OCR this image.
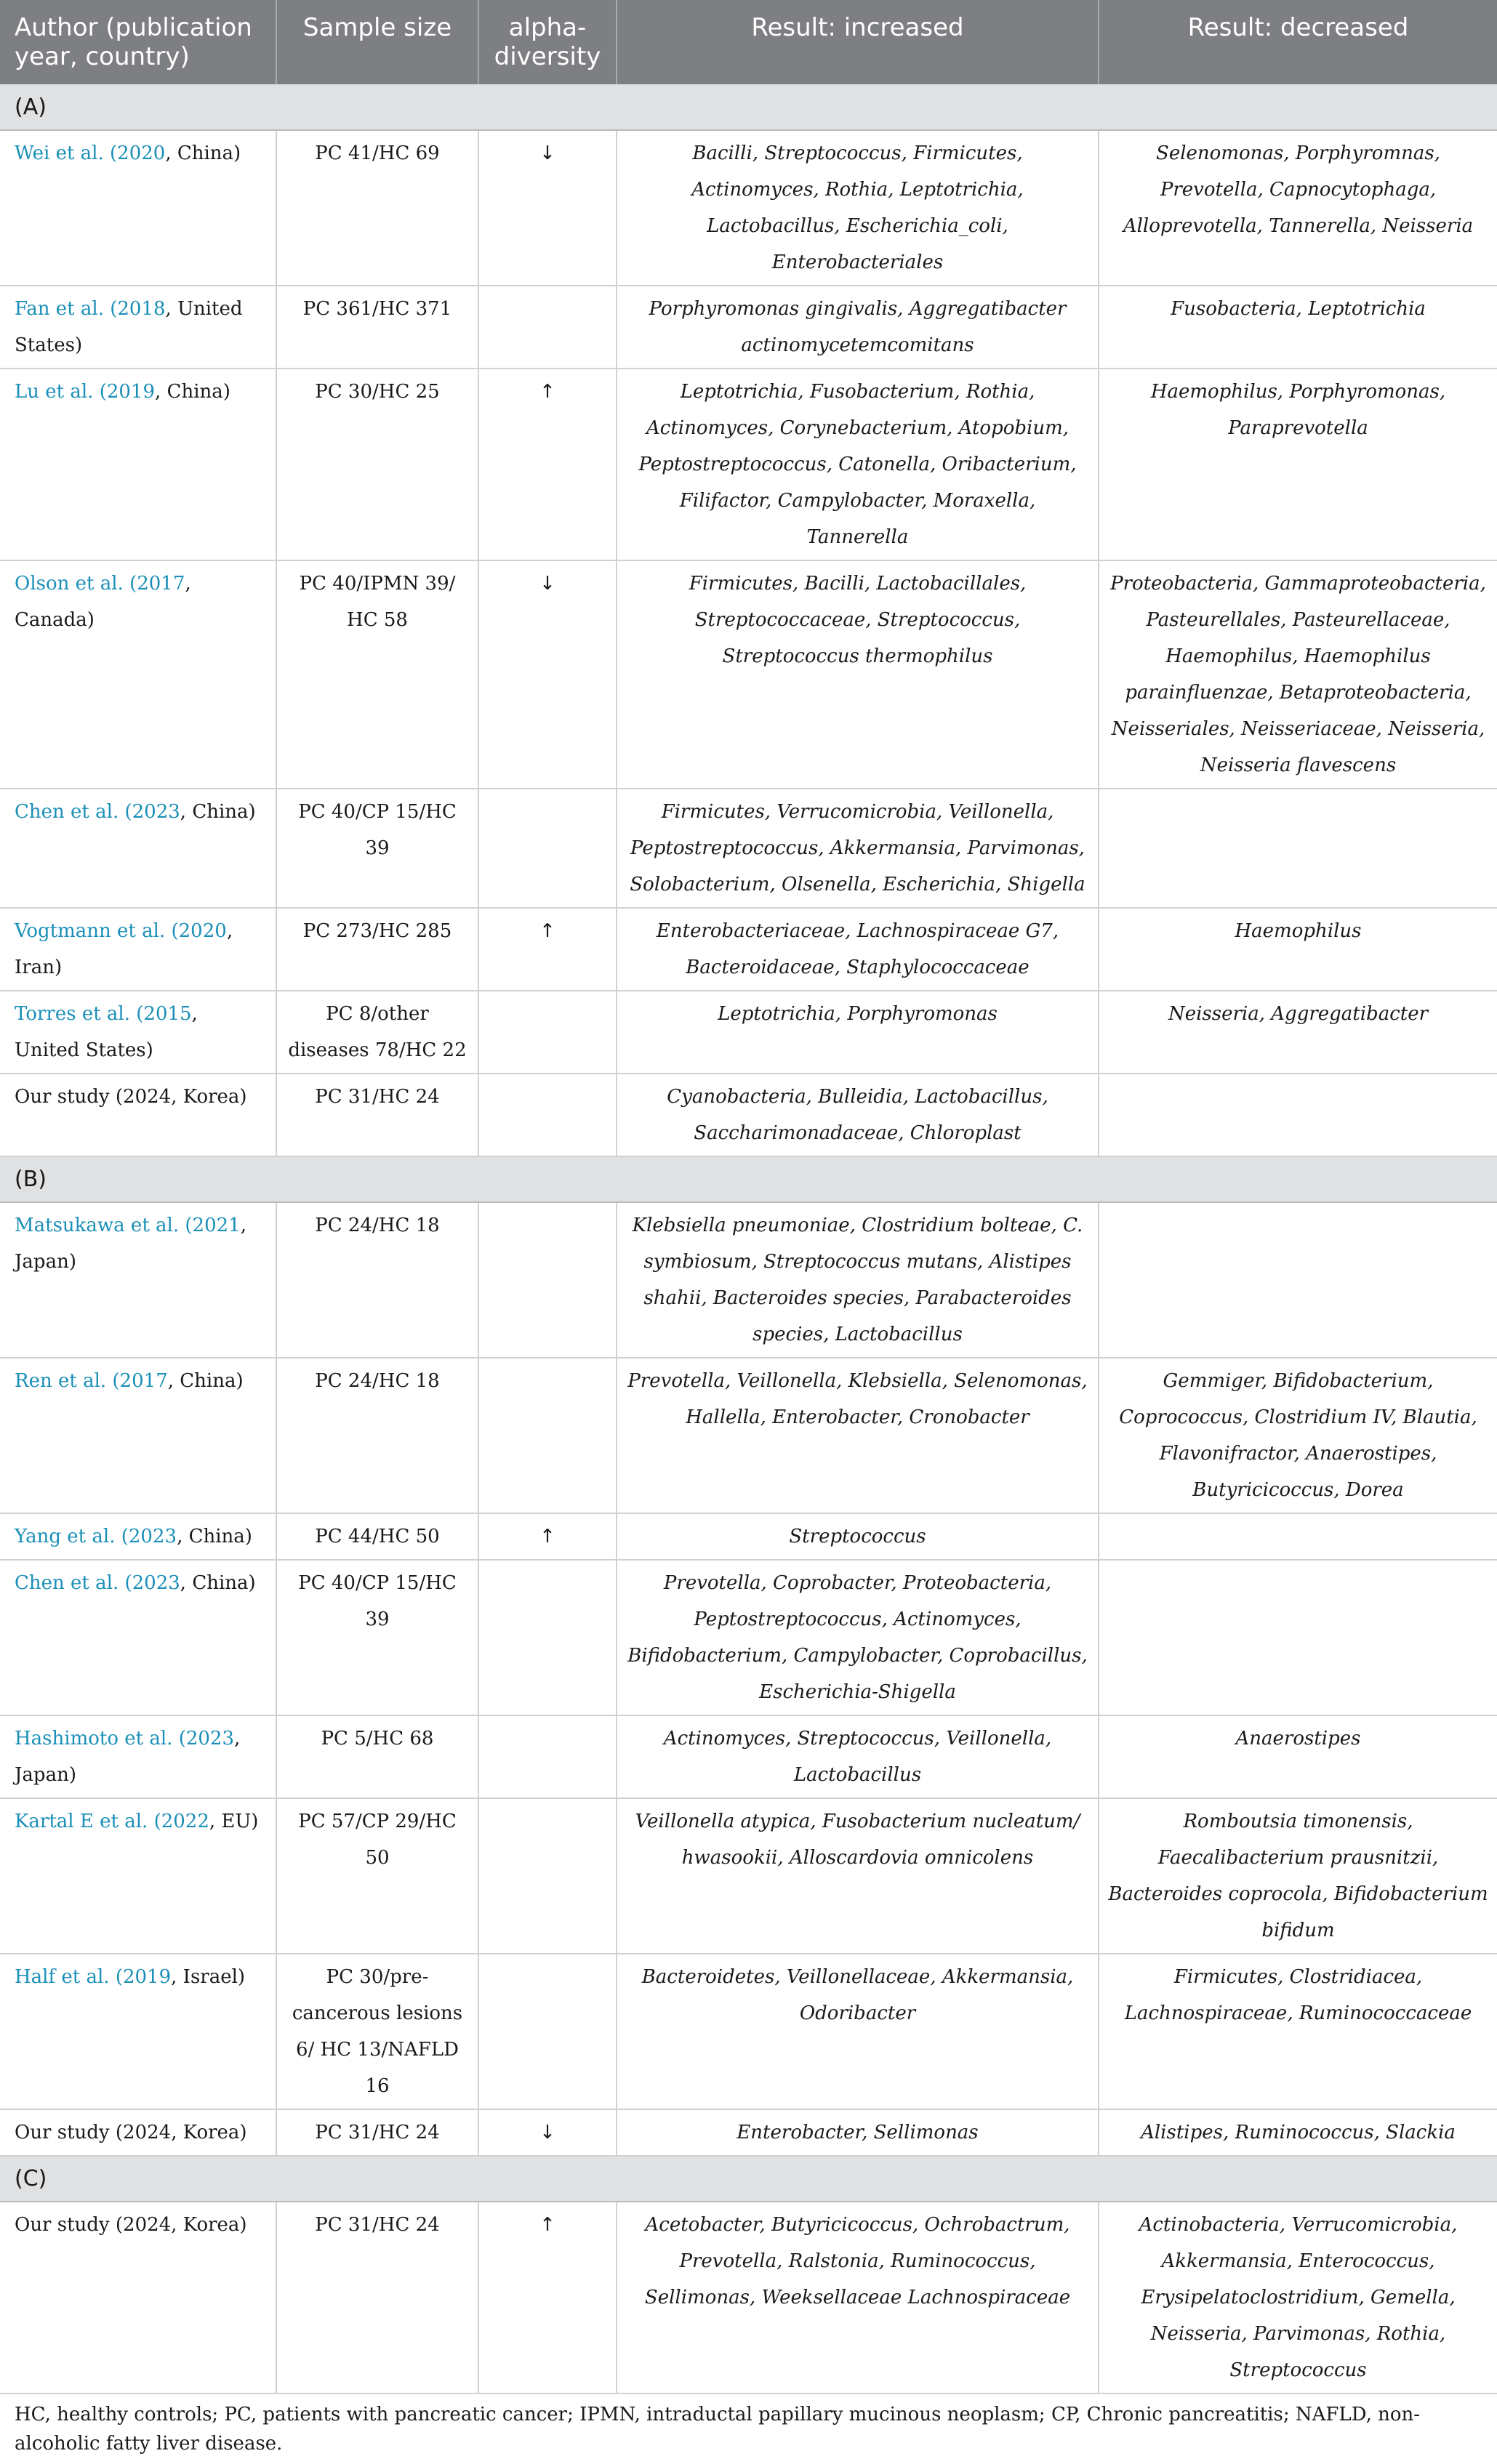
Author (publication year, country)	Sample size	alpha-diversity	Result: increased	Result: decreased
(A)				
Wei et al. (2020, China)	PC 41/HC 69	↓	Bacilli, Streptococcus, Firmicutes, Actinomyces, Rothia, Leptotrichia, Lactobacillus, Escherichia_coli, Enterobacteriales	Selenomonas, Porphyromnas, Prevotella, Capnocytophaga, Alloprevotella, Tannerella, Neisseria
Fan et al. (2018, United States)	PC 361/HC 371		Porphyromonas gingivalis, Aggregatibacter actinomycetemcomitans	Fusobacteria, Leptotrichia
Lu et al. (2019, China)	PC 30/HC 25	↑	Leptotrichia, Fusobacterium, Rothia, Actinomyces, Corynebacterium, Atopobium, Peptostreptococcus, Catonella, Oribacterium, Filifactor, Campylobacter, Moraxella, Tannerella	Haemophilus, Porphyromonas, Paraprevotella
Olson et al. (2017, Canada)	PC 40/IPMN 39/ HC 58	↓	Firmicutes, Bacilli, Lactobacillales, Streptococcaceae, Streptococcus, Streptococcus thermophilus	Proteobacteria, Gammaproteobacteria, Pasteurellales, Pasteurellaceae, Haemophilus, Haemophilus parainfluenzae, Betaproteobacteria, Neisseriales, Neisseriaceae, Neisseria, Neisseria flavescens
Chen et al. (2023, China)	PC 40/CP 15/HC 39		Firmicutes, Verrucomicrobia, Veillonella, Peptostreptococcus, Akkermansia, Parvimonas, Solobacterium, Olsenella, Escherichia, Shigella	
Vogtmann et al. (2020, Iran)	PC 273/HC 285	↑	Enterobacteriaceae, Lachnospiraceae G7, Bacteroidaceae, Staphylococcaceae	Haemophilus
Torres et al. (2015, United States)	PC 8/other diseases 78/HC 22		Leptotrichia, Porphyromonas	Neisseria, Aggregatibacter
Our study (2024, Korea)	PC 31/HC 24		Cyanobacteria, Bulleidia, Lactobacillus, Saccharimonadaceae, Chloroplast	
(B)				
Matsukawa et al. (2021, Japan)	PC 24/HC 18		Klebsiella pneumoniae, Clostridium bolteae, C. symbiosum, Streptococcus mutans, Alistipes shahii, Bacteroides species, Parabacteroides species, Lactobacillus	
Ren et al. (2017, China)	PC 24/HC 18		Prevotella, Veillonella, Klebsiella, Selenomonas, Hallella, Enterobacter, Cronobacter	Gemmiger, Bifidobacterium, Coprococcus, Clostridium IV, Blautia, Flavonifractor, Anaerostipes, Butyricicoccus, Dorea
Yang et al. (2023, China)	PC 44/HC 50	↑	Streptococcus	
Chen et al. (2023, China)	PC 40/CP 15/HC 39		Prevotella, Coprobacter, Proteobacteria, Peptostreptococcus, Actinomyces, Bifidobacterium, Campylobacter, Coprobacillus, Escherichia-Shigella	
Hashimoto et al. (2023, Japan)	PC 5/HC 68		Actinomyces, Streptococcus, Veillonella, Lactobacillus	Anaerostipes
Kartal E et al. (2022, EU)	PC 57/CP 29/HC 50		Veillonella atypica, Fusobacterium nucleatum/ hwasookii, Alloscardovia omnicolens	Romboutsia timonensis, Faecalibacterium prausnitzii, Bacteroides coprocola, Bifidobacterium bifidum
Half et al. (2019, Israel)	PC 30/pre-cancerous lesions 6/ HC 13/NAFLD 16		Bacteroidetes, Veillonellaceae, Akkermansia, Odoribacter	Firmicutes, Clostridiacea, Lachnospiraceae, Ruminococcaceae
Our study (2024, Korea)	PC 31/HC 24	↓	Enterobacter, Sellimonas	Alistipes, Ruminococcus, Slackia
(C)				
Our study (2024, Korea)	PC 31/HC 24	↑	Acetobacter, Butyricicoccus, Ochrobactrum, Prevotella, Ralstonia, Ruminococcus, Sellimonas, Weeksellaceae Lachnospiraceae	Actinobacteria, Verrucomicrobia, Akkermansia, Enterococcus, Erysipelatoclostridium, Gemella, Neisseria, Parvimonas, Rothia, Streptococcus
HC, healthy controls; PC, patients with pancreatic cancer; IPMN, intraductal papillary mucinous neoplasm; CP, Chronic pancreatitis; NAFLD, non-alcoholic fatty liver disease.
